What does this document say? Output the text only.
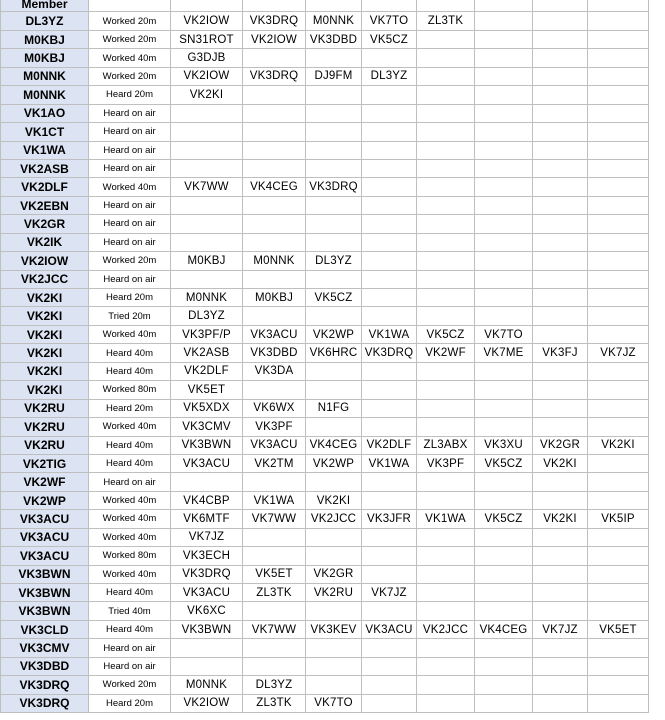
Member									
DL3YZ	Worked 20m	VK2IOW	VK3DRQ	M0NNK	VK7TO	ZL3TK			
M0KBJ	Worked 20m	SN31ROT	VK2IOW	VK3DBD	VK5CZ				
M0KBJ	Worked 40m	G3DJB							
M0NNK	Worked 20m	VK2IOW	VK3DRQ	DJ9FM	DL3YZ				
M0NNK	Heard 20m	VK2KI							
VK1AO	Heard on air								
VK1CT	Heard on air								
VK1WA	Heard on air								
VK2ASB	Heard on air								
VK2DLF	Worked 40m	VK7WW	VK4CEG	VK3DRQ					
VK2EBN	Heard on air								
VK2GR	Heard on air								
VK2IK	Heard on air								
VK2IOW	Worked 20m	M0KBJ	M0NNK	DL3YZ					
VK2JCC	Heard on air								
VK2KI	Heard 20m	M0NNK	M0KBJ	VK5CZ					
VK2KI	Tried 20m	DL3YZ							
VK2KI	Worked 40m	VK3PF/P	VK3ACU	VK2WP	VK1WA	VK5CZ	VK7TO		
VK2KI	Heard 40m	VK2ASB	VK3DBD	VK6HRC	VK3DRQ	VK2WF	VK7ME	VK3FJ	VK7JZ
VK2KI	Heard 40m	VK2DLF	VK3DA						
VK2KI	Worked 80m	VK5ET							
VK2RU	Heard 20m	VK5XDX	VK6WX	N1FG					
VK2RU	Worked 40m	VK3CMV	VK3PF						
VK2RU	Heard 40m	VK3BWN	VK3ACU	VK4CEG	VK2DLF	ZL3ABX	VK3XU	VK2GR	VK2KI
VK2TIG	Heard 40m	VK3ACU	VK2TM	VK2WP	VK1WA	VK3PF	VK5CZ	VK2KI	
VK2WF	Heard on air								
VK2WP	Worked 40m	VK4CBP	VK1WA	VK2KI					
VK3ACU	Worked 40m	VK6MTF	VK7WW	VK2JCC	VK3JFR	VK1WA	VK5CZ	VK2KI	VK5IP
VK3ACU	Worked 40m	VK7JZ							
VK3ACU	Worked 80m	VK3ECH							
VK3BWN	Worked 40m	VK3DRQ	VK5ET	VK2GR					
VK3BWN	Heard 40m	VK3ACU	ZL3TK	VK2RU	VK7JZ				
VK3BWN	Tried 40m	VK6XC							
VK3CLD	Heard 40m	VK3BWN	VK7WW	VK3KEV	VK3ACU	VK2JCC	VK4CEG	VK7JZ	VK5ET
VK3CMV	Heard on air								
VK3DBD	Heard on air								
VK3DRQ	Worked 20m	M0NNK	DL3YZ						
VK3DRQ	Heard 20m	VK2IOW	ZL3TK	VK7TO					
